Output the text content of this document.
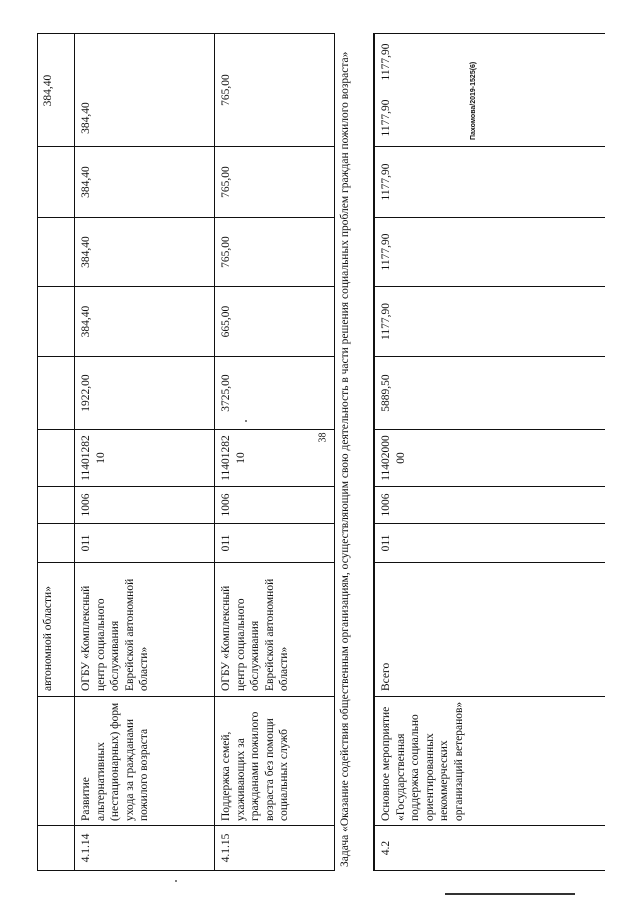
38
Пахомова/2019-1525(6)
автономной области»
384,40
4.1.14
Развитие альтернативных (нестационарных) форм ухода за гражданами пожилого возраста
ОГБУ «Комплексный центр социального обслуживания Еврейской автономной области»
011
1006
11401282 10
1922,00
384,40
384,40
384,40
384,40
4.1.15
Поддержка семей, ухаживающих за гражданами пожилого возраста без помощи социальных служб
ОГБУ «Комплексный центр социального обслуживания Еврейской автономной области»
011
1006
11401282 10
3725,00
665,00
765,00
765,00
765,00	Задача «Оказание содействия общественным организациям, осуществляющим свою деятельность в части решения социальных проблем граждан пожилого возраста»	4.2
Основное мероприятие «Государственная поддержка социально ориентированных некоммерческих организаций ветеранов»
Всего
011
1006
11402000 00
5889,50
1177,90
1177,90
1177,90
1177,90
1177,90
